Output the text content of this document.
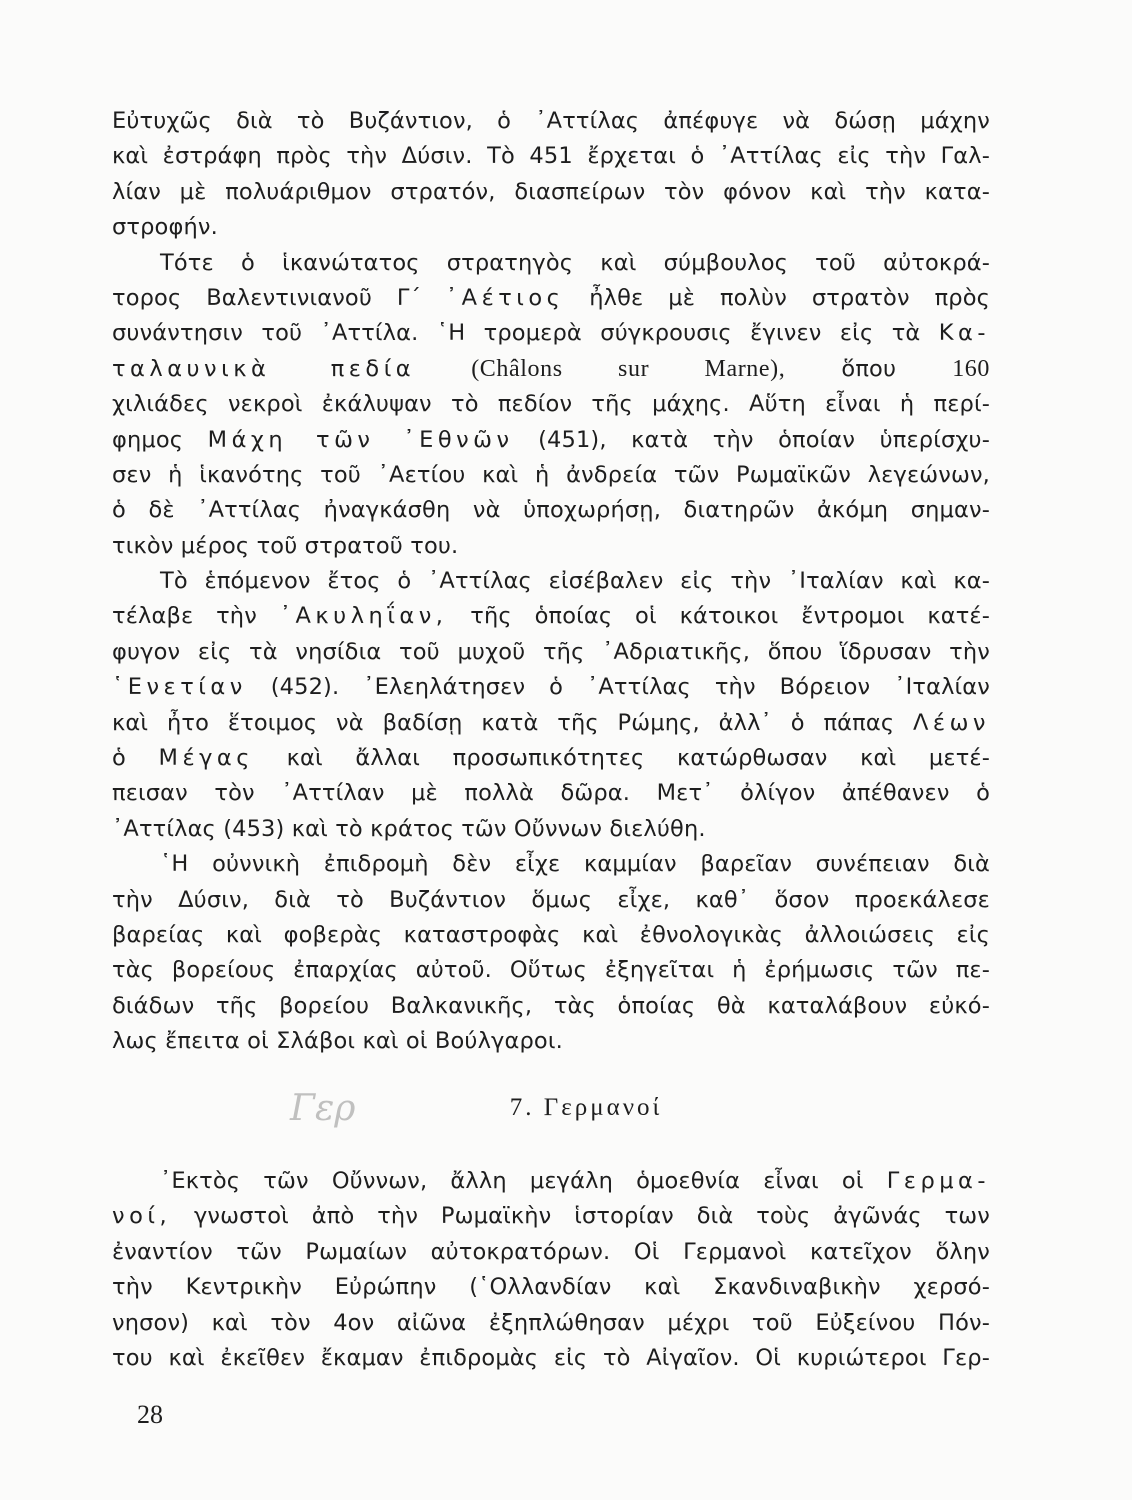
Εὐτυχῶς διὰ τὸ Βυζάντιον, ὁ ᾿Αττίλας ἀπέφυγε νὰ δώσῃ μάχην
καὶ ἐστράφη πρὸς τὴν Δύσιν. Τὸ 451 ἔρχεται ὁ ᾿Αττίλας εἰς τὴν Γαλ-
λίαν μὲ πολυάριθμον στρατόν, διασπείρων τὸν φόνον καὶ τὴν κατα-
στροφήν.
Τότε ὁ ἱκανώτατος στρατηγὸς καὶ σύμβουλος τοῦ αὐτοκρά-
τορος Βαλεντινιανοῦ Γ΄ ᾿Αέτιος ἦλθε μὲ πολὺν στρατὸν πρὸς
συνάντησιν τοῦ ᾿Αττίλα. ῾Η τρομερὰ σύγκρουσις ἔγινεν εἰς τὰ Κα-
ταλαυνικὰ πεδία (Châlons sur Marne), ὅπου 160
χιλιάδες νεκροὶ ἐκάλυψαν τὸ πεδίον τῆς μάχης. Αὕτη εἶναι ἡ περί-
φημος Μάχη τῶν ᾿Εθνῶν (451), κατὰ τὴν ὁποίαν ὑπερίσχυ-
σεν ἡ ἱκανότης τοῦ ᾿Αετίου καὶ ἡ ἀνδρεία τῶν Ρωμαϊκῶν λεγεώνων,
ὁ δὲ ᾿Αττίλας ἠναγκάσθη νὰ ὑποχωρήσῃ, διατηρῶν ἀκόμη σημαν-
τικὸν μέρος τοῦ στρατοῦ του.
Τὸ ἑπόμενον ἔτος ὁ ᾿Αττίλας εἰσέβαλεν εἰς τὴν ᾿Ιταλίαν καὶ κα-
τέλαβε τὴν ᾿Ακυληΐαν, τῆς ὁποίας οἱ κάτοικοι ἔντρομοι κατέ-
φυγον εἰς τὰ νησίδια τοῦ μυχοῦ τῆς ᾿Αδριατικῆς, ὅπου ἵδρυσαν τὴν
῾Ενετίαν (452). ᾿Ελεηλάτησεν ὁ ᾿Αττίλας τὴν Βόρειον ᾿Ιταλίαν
καὶ ἦτο ἕτοιμος νὰ βαδίσῃ κατὰ τῆς Ρώμης, ἀλλ᾿ ὁ πάπας Λέων
ὁ Μέγας καὶ ἄλλαι προσωπικότητες κατώρθωσαν καὶ μετέ-
πεισαν τὸν ᾿Αττίλαν μὲ πολλὰ δῶρα. Μετ᾿ ὀλίγον ἀπέθανεν ὁ
᾿Αττίλας (453) καὶ τὸ κράτος τῶν Οὔννων διελύθη.
῾Η οὐννικὴ ἐπιδρομὴ δὲν εἶχε καμμίαν βαρεῖαν συνέπειαν διὰ
τὴν Δύσιν, διὰ τὸ Βυζάντιον ὅμως εἶχε, καθ᾿ ὅσον προεκάλεσε
βαρείας καὶ φοβερὰς καταστροφὰς καὶ ἐθνολογικὰς ἀλλοιώσεις εἰς
τὰς βορείους ἐπαρχίας αὐτοῦ. Οὕτως ἐξηγεῖται ἡ ἐρήμωσις τῶν πε-
διάδων τῆς βορείου Βαλκανικῆς, τὰς ὁποίας θὰ καταλάβουν εὐκό-
λως ἔπειτα οἱ Σλάβοι καὶ οἱ Βούλγαροι.
Γερ	7. Γερμανοί
᾿Εκτὸς τῶν Οὔννων, ἄλλη μεγάλη ὁμοεθνία εἶναι οἱ Γερμα-
νοί, γνωστοὶ ἀπὸ τὴν Ρωμαϊκὴν ἱστορίαν διὰ τοὺς ἀγῶνάς των
ἐναντίον τῶν Ρωμαίων αὐτοκρατόρων. Οἱ Γερμανοὶ κατεῖχον ὅλην
τὴν Κεντρικὴν Εὐρώπην (῾Ολλανδίαν καὶ Σκανδιναβικὴν χερσό-
νησον) καὶ τὸν 4ον αἰῶνα ἐξηπλώθησαν μέχρι τοῦ Εὐξείνου Πόν-
του καὶ ἐκεῖθεν ἔκαμαν ἐπιδρομὰς εἰς τὸ Αἰγαῖον. Οἱ κυριώτεροι Γερ-
28
